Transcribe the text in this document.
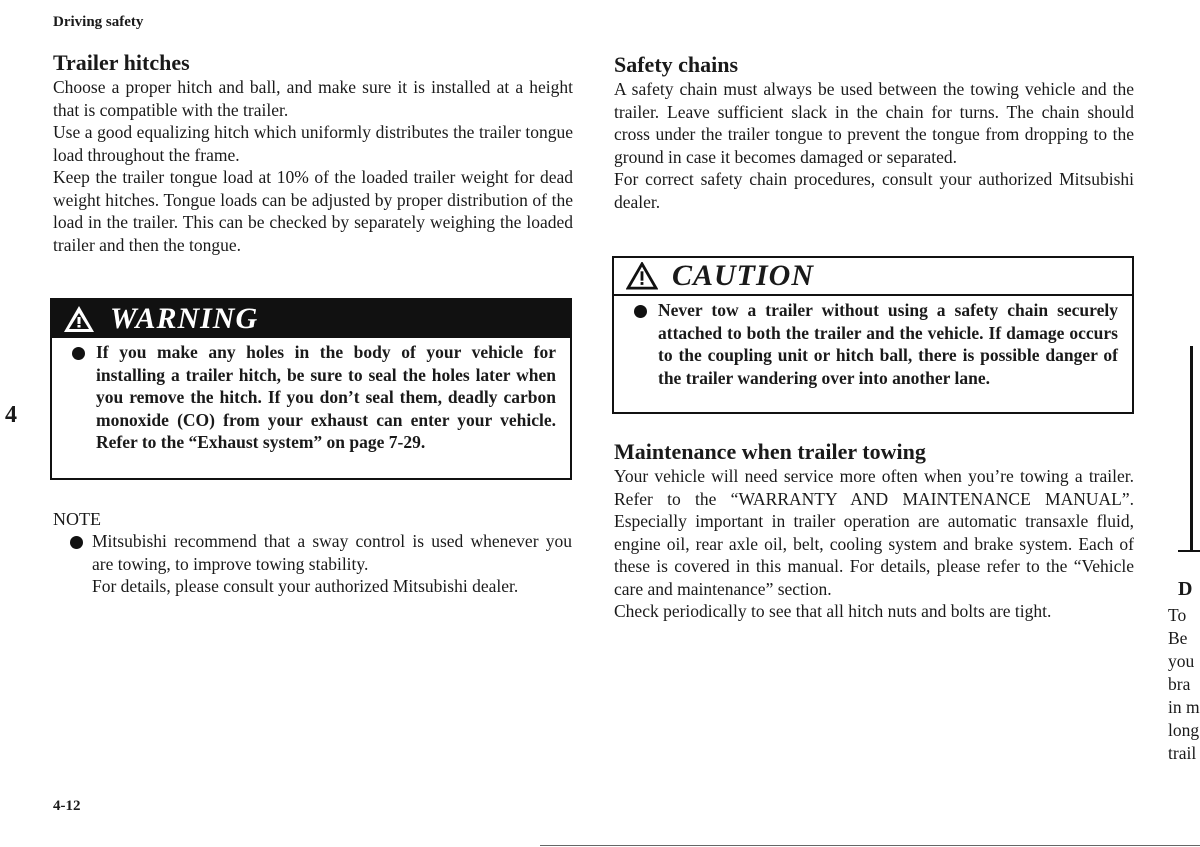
Driving safety
4
Trailer hitches

Choose a proper hitch and ball, and make sure it is installed at a height that is compatible with the trailer.

Use a good equalizing hitch which uniformly distributes the trailer tongue load throughout the frame.

Keep the trailer tongue load at 10% of the loaded trailer weight for dead weight hitches. Tongue loads can be adjusted by proper distribution of the load in the trailer. This can be checked by separately weighing the loaded trailer and then the tongue.

WARNING
If you make any holes in the body of your vehicle for installing a trailer hitch, be sure to seal the holes later when you remove the hitch. If you don’t seal them, deadly carbon monoxide (CO) from your exhaust can enter your vehicle. Refer to the “Exhaust system” on page 7-29.
NOTE
Mitsubishi recommend that a sway control is used whenever you are towing, to improve towing stability.
For details, please consult your authorized Mitsubishi dealer.
Safety chains

A safety chain must always be used between the towing vehicle and the trailer. Leave sufficient slack in the chain for turns. The chain should cross under the trailer tongue to prevent the tongue from dropping to the ground in case it becomes damaged or separated.

For correct safety chain procedures, consult your authorized Mitsubishi dealer.

CAUTION
Never tow a trailer without using a safety chain securely attached to both the trailer and the vehicle. If damage occurs to the coupling unit or hitch ball, there is possible danger of the trailer wandering over into another lane.
Maintenance when trailer towing

Your vehicle will need service more often when you’re towing a trailer. Refer to the “WARRANTY AND MAINTENANCE MANUAL”. Especially important in trailer operation are automatic transaxle fluid, engine oil, rear axle oil, belt, cooling system and brake system. Each of these is covered in this manual. For details, please refer to the “Vehicle care and maintenance” section.

Check periodically to see that all hitch nuts and bolts are tight.

D
To
Be
you
bra
in m
long
trail
4-12
